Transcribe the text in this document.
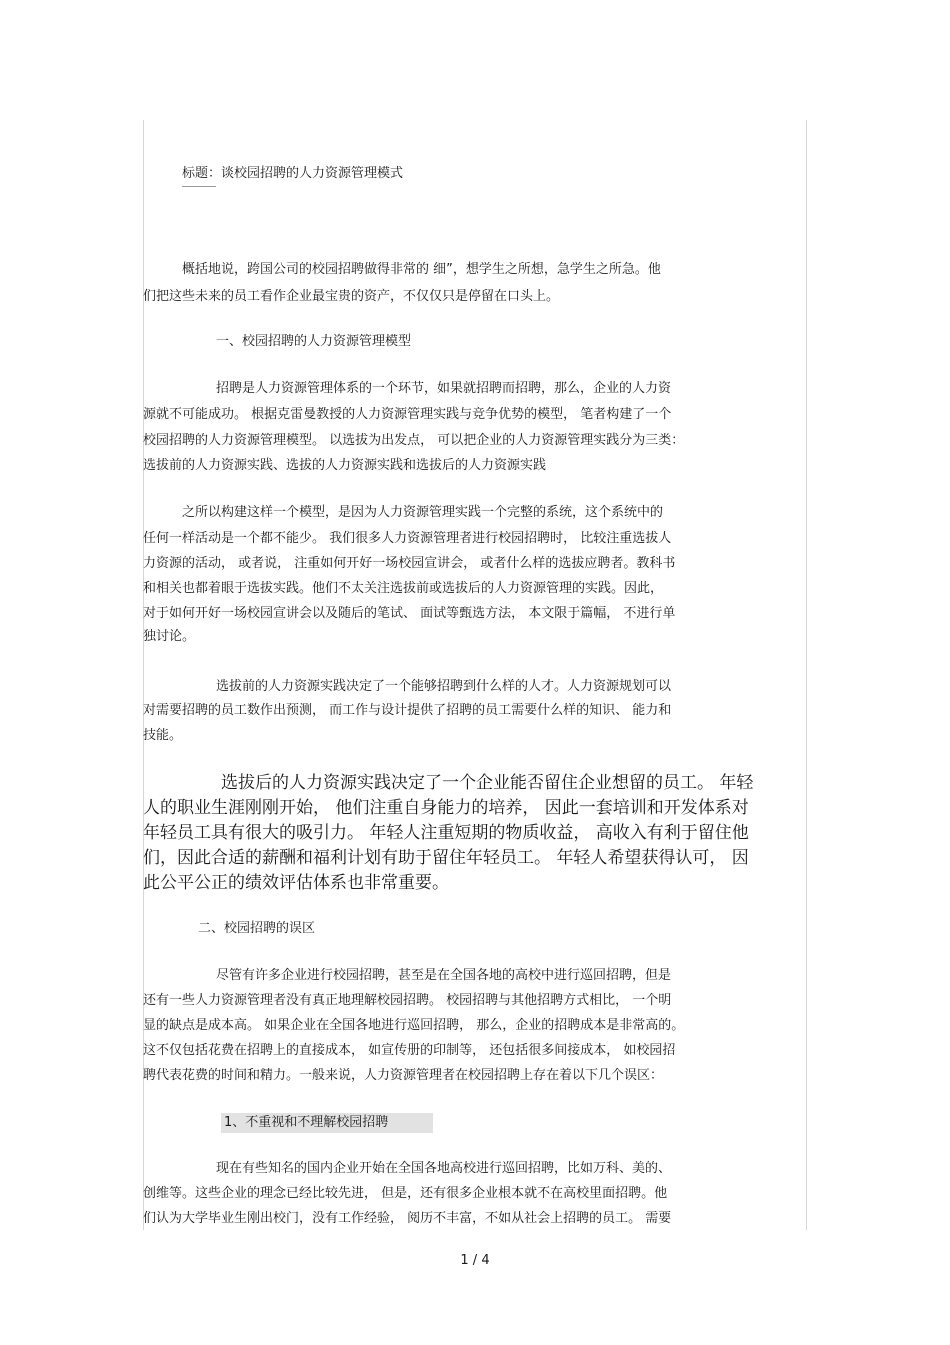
标题：谈校园招聘的人力资源管理模式
概括地说，跨国公司的校园招聘做得非常的 细”，想学生之所想，急学生之所急。他
们把这些未来的员工看作企业最宝贵的资产，不仅仅只是停留在口头上。
一、校园招聘的人力资源管理模型
招聘是人力资源管理体系的一个环节，如果就招聘而招聘，那么，企业的人力资
源就不可能成功。 根据克雷曼教授的人力资源管理实践与竞争优势的模型， 笔者构建了一个
校园招聘的人力资源管理模型。 以选拔为出发点， 可以把企业的人力资源管理实践分为三类：
选拔前的人力资源实践、选拔的人力资源实践和选拔后的人力资源实践
之所以构建这样一个模型，是因为人力资源管理实践一个完整的系统，这个系统中的
任何一样活动是一个都不能少。 我们很多人力资源管理者进行校园招聘时， 比较注重选拔人
力资源的活动， 或者说， 注重如何开好一场校园宣讲会， 或者什么样的选拔应聘者。教科书
和相关也都着眼于选拔实践。他们不太关注选拔前或选拔后的人力资源管理的实践。因此，
对于如何开好一场校园宣讲会以及随后的笔试、 面试等甄选方法， 本文限于篇幅， 不进行单
独讨论。
选拔前的人力资源实践决定了一个能够招聘到什么样的人才。人力资源规划可以
对需要招聘的员工数作出预测， 而工作与设计提供了招聘的员工需要什么样的知识、 能力和
技能。
选拔后的人力资源实践决定了一个企业能否留住企业想留的员工。 年轻
人的职业生涯刚刚开始， 他们注重自身能力的培养， 因此一套培训和开发体系对
年轻员工具有很大的吸引力。 年轻人注重短期的物质收益， 高收入有利于留住他
们，因此合适的薪酬和福利计划有助于留住年轻员工。 年轻人希望获得认可， 因
此公平公正的绩效评估体系也非常重要。
二、校园招聘的误区
尽管有许多企业进行校园招聘，甚至是在全国各地的高校中进行巡回招聘，但是
还有一些人力资源管理者没有真正地理解校园招聘。 校园招聘与其他招聘方式相比， 一个明
显的缺点是成本高。 如果企业在全国各地进行巡回招聘， 那么，企业的招聘成本是非常高的。
这不仅包括花费在招聘上的直接成本， 如宣传册的印制等， 还包括很多间接成本， 如校园招
聘代表花费的时间和精力。一般来说，人力资源管理者在校园招聘上存在着以下几个误区：
1、不重视和不理解校园招聘
现在有些知名的国内企业开始在全国各地高校进行巡回招聘，比如万科、美的、
创维等。这些企业的理念已经比较先进， 但是，还有很多企业根本就不在高校里面招聘。他
们认为大学毕业生刚出校门，没有工作经验， 阅历不丰富，不如从社会上招聘的员工。 需要
1 / 4
